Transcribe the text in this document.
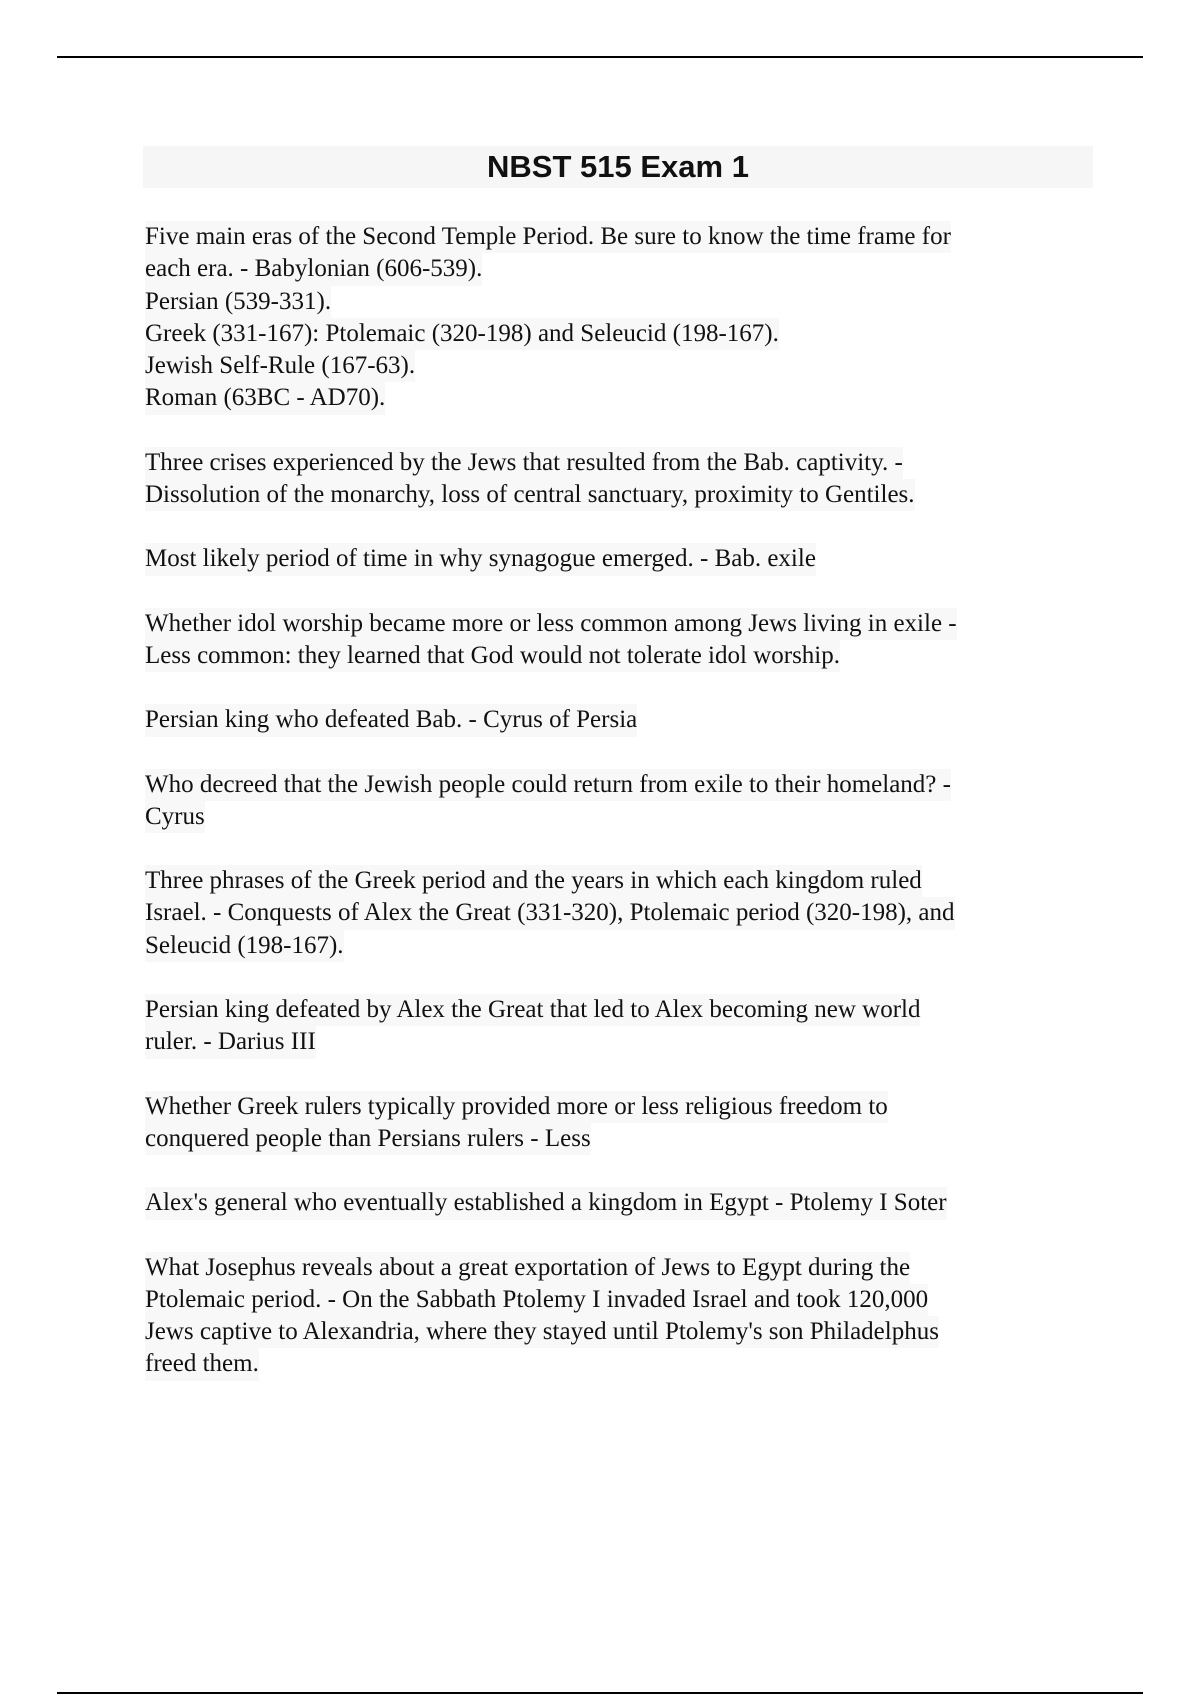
NBST 515 Exam 1
Five main eras of the Second Temple Period. Be sure to know the time frame for
each era. - Babylonian (606-539).
Persian (539-331).
Greek (331-167): Ptolemaic (320-198) and Seleucid (198-167).
Jewish Self-Rule (167-63).
Roman (63BC - AD70).
Three crises experienced by the Jews that resulted from the Bab. captivity. -
Dissolution of the monarchy, loss of central sanctuary, proximity to Gentiles.
Most likely period of time in why synagogue emerged. - Bab. exile
Whether idol worship became more or less common among Jews living in exile -
Less common: they learned that God would not tolerate idol worship.
Persian king who defeated Bab. - Cyrus of Persia
Who decreed that the Jewish people could return from exile to their homeland? -
Cyrus
Three phrases of the Greek period and the years in which each kingdom ruled
Israel. - Conquests of Alex the Great (331-320), Ptolemaic period (320-198), and
Seleucid (198-167).
Persian king defeated by Alex the Great that led to Alex becoming new world
ruler. - Darius III
Whether Greek rulers typically provided more or less religious freedom to
conquered people than Persians rulers - Less
Alex's general who eventually established a kingdom in Egypt - Ptolemy I Soter
What Josephus reveals about a great exportation of Jews to Egypt during the
Ptolemaic period. - On the Sabbath Ptolemy I invaded Israel and took 120,000
Jews captive to Alexandria, where they stayed until Ptolemy's son Philadelphus
freed them.
